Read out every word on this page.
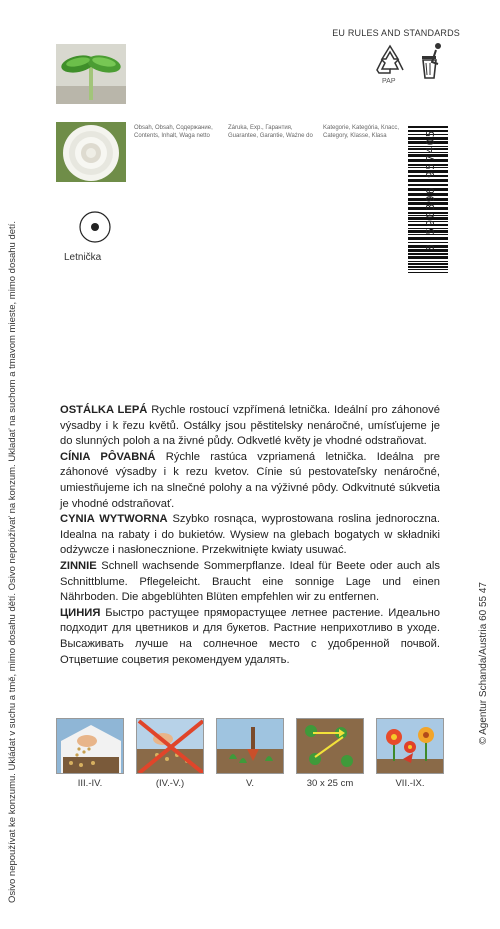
Osivo nepoužívat ke konzumu. Ukládat v suchu a tmě, mimo dosahu dětí. Osivo nepoužívať na konzum. Ukladať na suchom a tmavom mieste, mimo dosahu detí.	© Agentur Schanda/Austria 60 55 47
Obsah, Obsah, Содержание,
Contents, Inhalt, Waga netto
Záruka, Exp., Гарантия,
Guarantee, Garantie, Ważne do
Kategorie, Kategória, Класс,
Category, Klasse, Klasa
Letnička
EU RULES AND STANDARDS
PAP
8 590396 957405

OSTÁLKA LEPÁ Rychle rostoucí vzpřímená letnička. Ideální pro záhonové výsadby i k řezu květů. Ostálky jsou pěstitelsky nenáročné, umísťujeme je do slunných poloh a na živné půdy. Odkvetlé květy je vhodné odstraňovat.

CÍNIA PÔVABNÁ Rýchle rastúca vzpriamená letnička. Ideálna pre záhonové výsadby i k rezu kvetov. Cínie sú pestovateľsky nenáročné, umiestňujeme ich na slnečné polohy a na výživné pôdy. Odkvitnuté súkvetia je vhodné odstraňovať.

CYNIA WYTWORNA Szybko rosnąca, wyprostowana roslina jednoroczna. Idealna na rabaty i do bukietów. Wysiew na glebach bogatych w składniki odżywcze i nasłonecznione. Przekwitnięte kwiaty usuwać.

ZINNIE Schnell wachsende Sommerpflanze. Ideal für Beete oder auch als Schnittblume. Pflegeleicht. Braucht eine sonnige Lage und einen Nährboden. Die abgeblühten Blüten empfehlen wir zu entfernen.

ЦИНИЯ Быстро растущее пряморастущее летнее растение. Идеально подходит для цветников и для букетов. Растние неприхотливо в уходе. Высаживать лучше на солнечное место с удобренной почвой. Отцветшие соцветия рекомендуем удалять.

III.-IV.	(IV.-V.)	V.	30 x 25 cm	VII.-IX.
